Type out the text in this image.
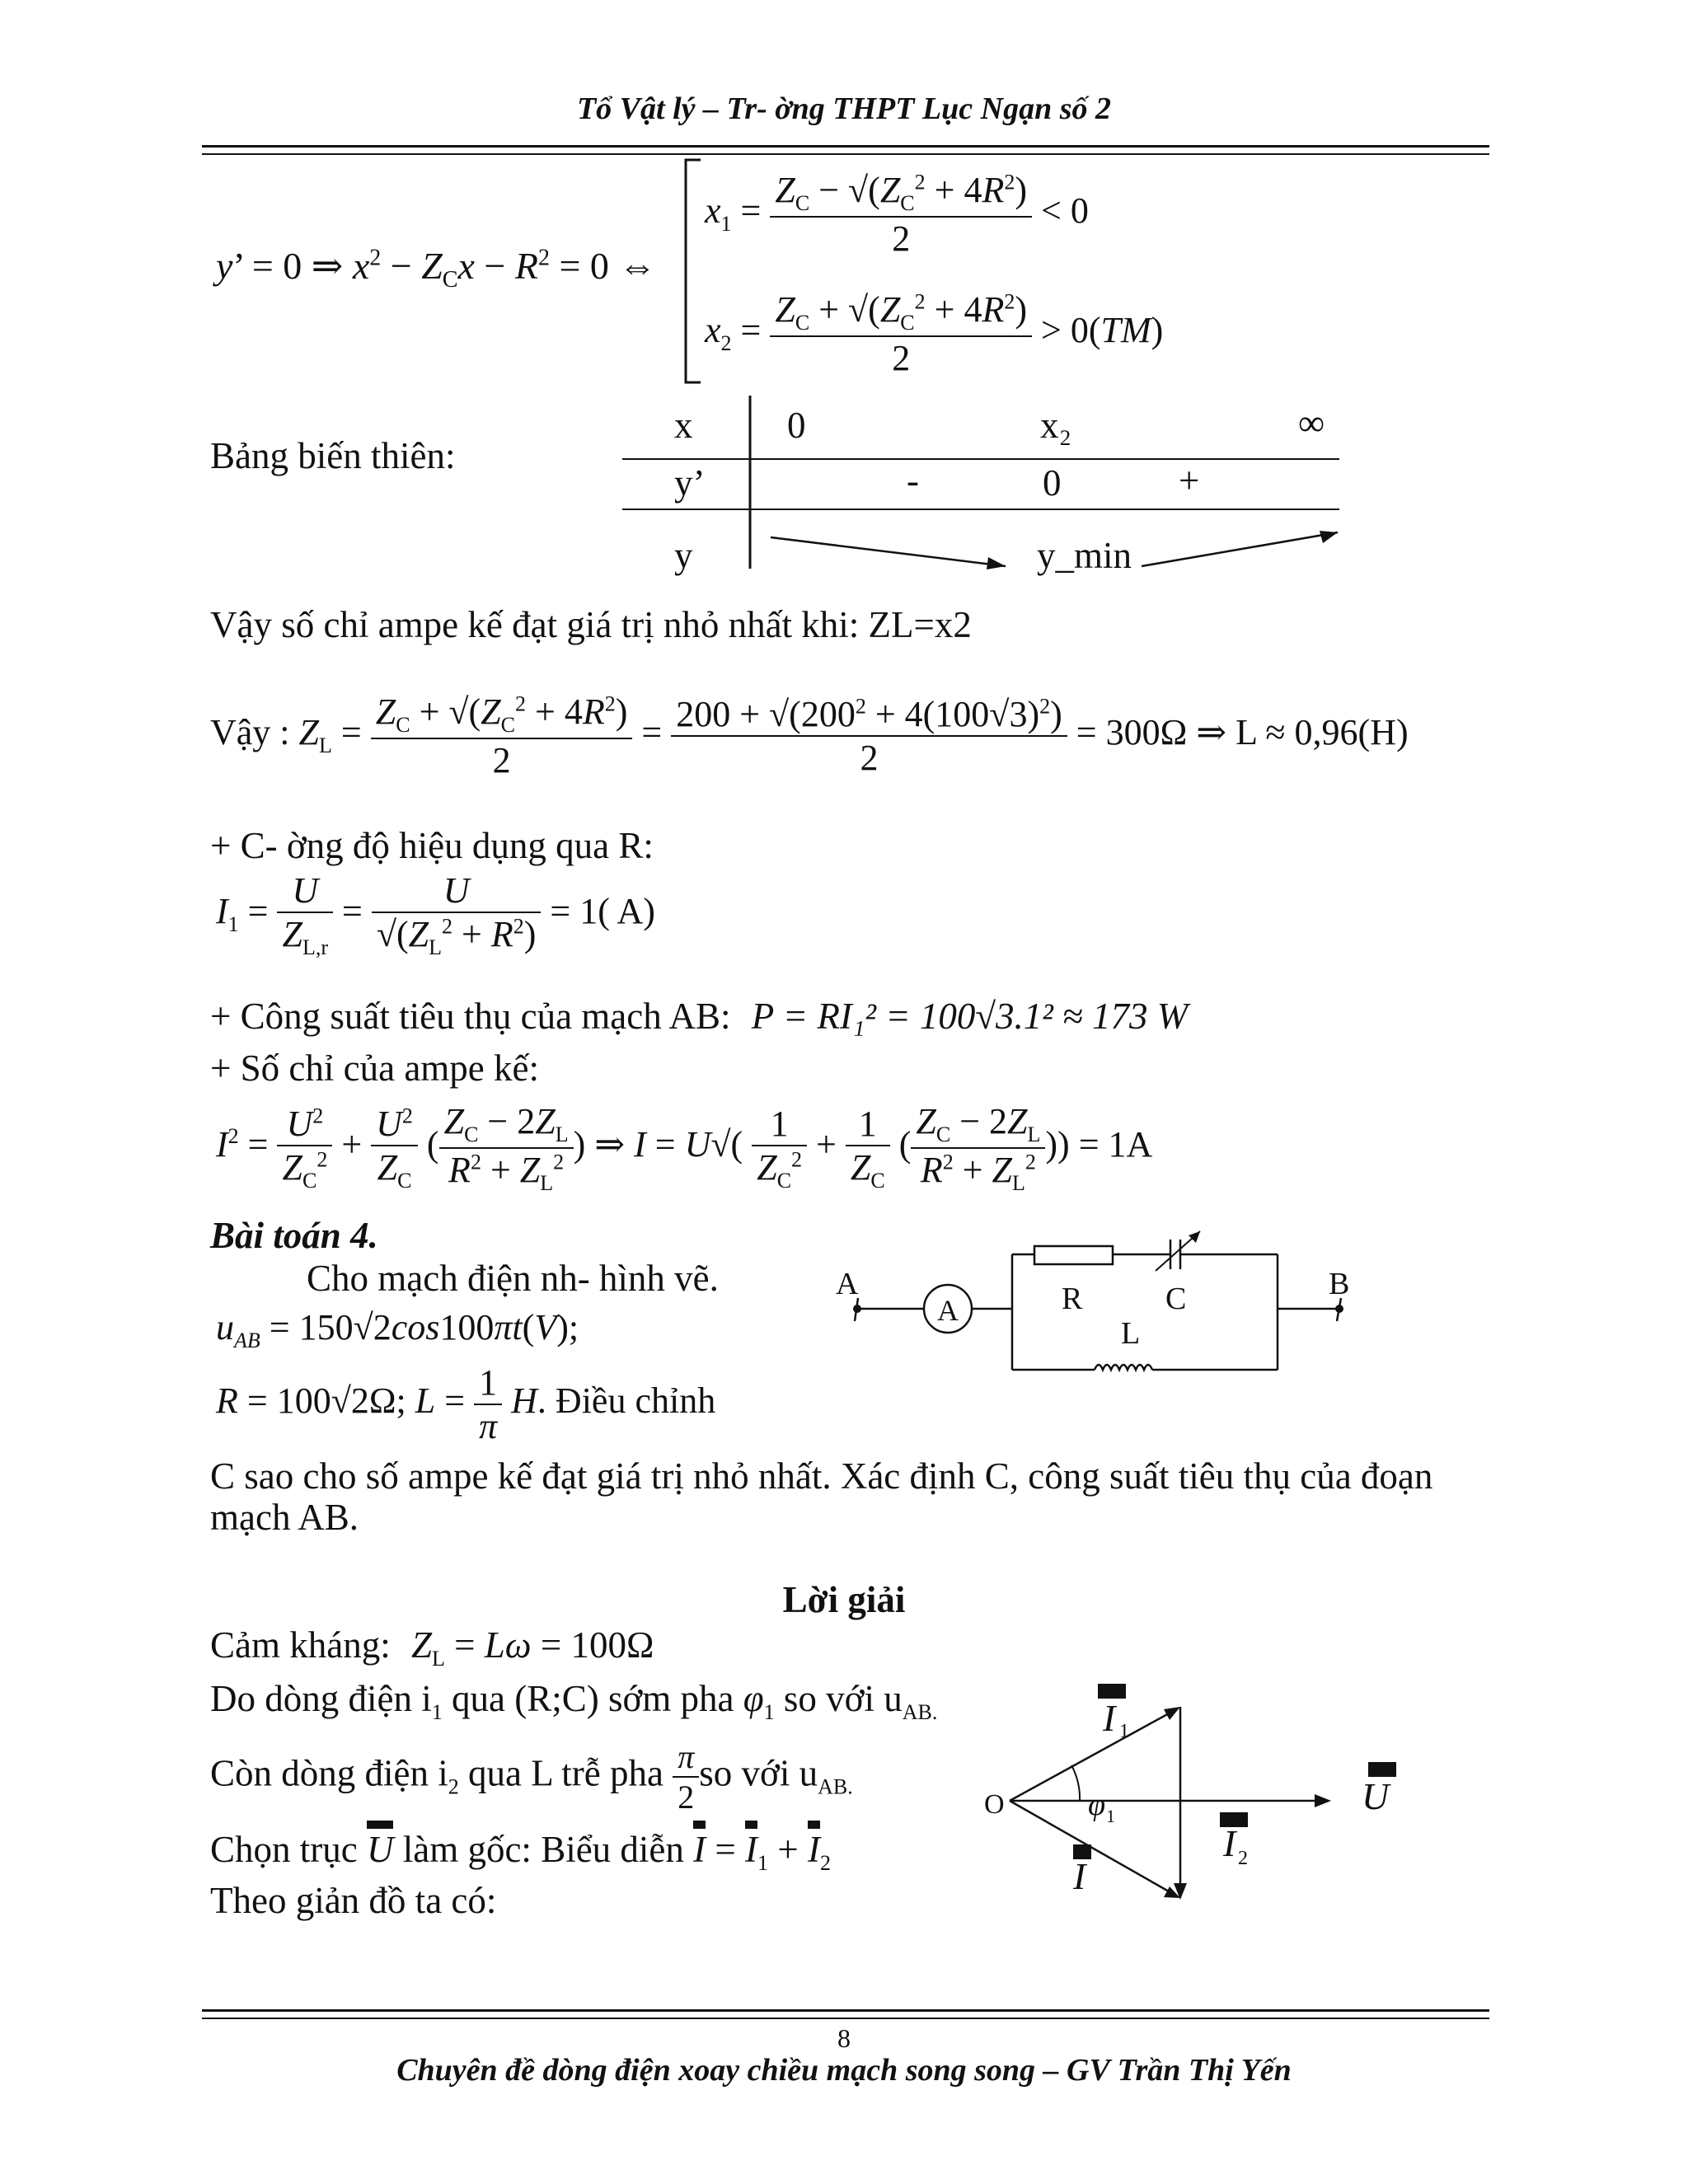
Tổ Vật lý – Tr- ờng THPT Lục Ngạn số 2
y’ = 0 ⇒ $x^2 - Z_Cx - R^2 = 0$ ⇔
$x_1 = \frac{Z_C - √(Z_C^2 + 4R^2)}{2} < 0$
$x_2 = \frac{Z_C + √(Z_C^2 + 4R^2)}{2} > 0(TM)$
Bảng biến thiên:
x	0	x₂	∞
y’	-	0	+
y	y_min
Vậy số chỉ ampe kế đạt giá trị nhỏ nhất khi: ZL=x2
Vậy : $Z_L = \frac{Z_C + √(Z_C^2 + 4R^2)}{2} = \frac{200 + √(200^2 + 4(100√3)^2)}{2} = 300\Omega$ ⇒ L ≈ 0,96(H)
+ C- ờng độ hiệu dụng qua R:
$I_1 = \frac{U}{Z_{L,r}} = \frac{U}{√(Z_L^2 + R^2)} = 1$( A)
+ Công suất tiêu thụ của mạch AB: P = RI₁² = 100√3.1² ≈ 173 W
+ Số chỉ của ampe kế:
$I^2 = \frac{U^2}{Z_C^2} + \frac{U^2}{Z_C}$ ( $\frac{Z_C - 2Z_L}{R^2 + Z_L^2}$ ) ⇒ $I = U√( \frac{1}{Z_C^2} + \frac{1}{Z_C}$ ( $\frac{Z_C - 2Z_L}{R^2 + Z_L^2}$ )) = 1A
Bài toán 4.
Cho mạch điện nh- hình vẽ.
$u_{AB} = 150√2\cos 100\pi t(V)$;
R = 100√2Ω; $L = \frac{1}{\pi} H$. Điều chỉnh
C sao cho số ampe kế đạt giá trị nhỏ nhất. Xác định C, công suất tiêu thụ của đoạn
mạch AB.
A
A	R	C
L
B
Lời giải
Cảm kháng: $Z_L = L\omega = 100\Omega$
Do dòng điện $i_1$ qua (R;C) sớm pha $\varphi_1$ so với $u_{AB.}$
Còn dòng điện $i_2$ qua L trễ pha $\frac{\pi}{2}$ so với $u_{AB.}$
Chọn trục U làm gốc: Biểu diễn $I = I_1 + I_2$
Theo giản đồ ta có:
O
I 1
φ 1
I 2
I
U
8
Chuyên đề dòng điện xoay chiều mạch song song – GV Trần Thị Yến
